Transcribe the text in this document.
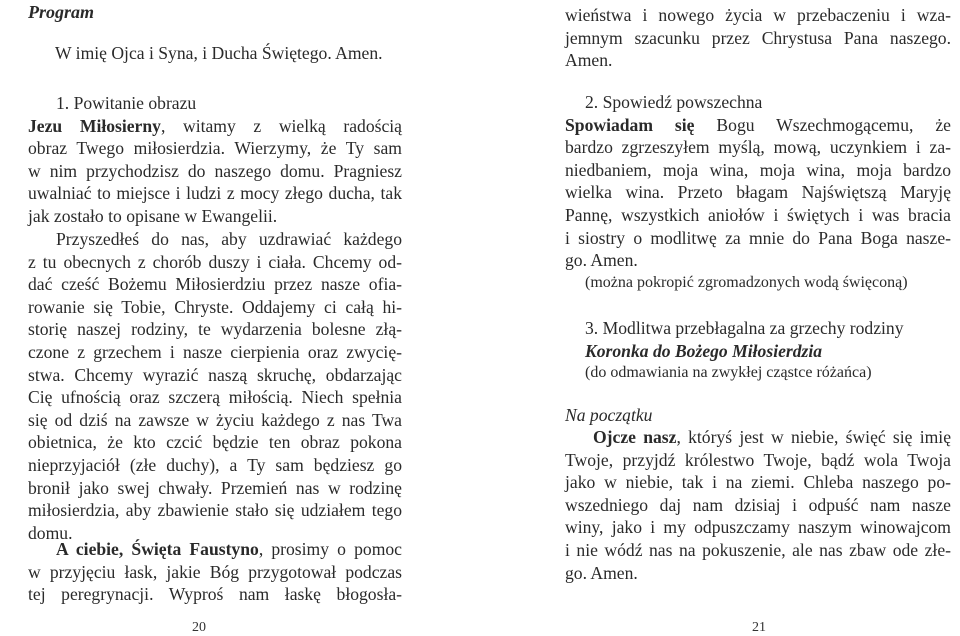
Program
W imię Ojca i Syna, i Ducha Świętego. Amen.
1. Powitanie obrazu
Jezu Miłosierny, witamy z wielką radością
obraz Twego miłosierdzia. Wierzymy, że Ty sam
w nim przychodzisz do naszego domu. Pragniesz
uwalniać to miejsce i ludzi z mocy złego ducha, tak
jak zostało to opisane w Ewangelii.
Przyszedłeś do nas, aby uzdrawiać każdego
z tu obecnych z chorób duszy i ciała. Chcemy od-
dać cześć Bożemu Miłosierdziu przez nasze ofia-
rowanie się Tobie, Chryste. Oddajemy ci całą hi-
storię naszej rodziny, te wydarzenia bolesne złą-
czone z grzechem i nasze cierpienia oraz zwycię-
stwa. Chcemy wyrazić naszą skruchę, obdarzając
Cię ufnością oraz szczerą miłością. Niech spełnia
się od dziś na zawsze w życiu każdego z nas Twa
obietnica, że kto czcić będzie ten obraz pokona
nieprzyjaciół (złe duchy), a Ty sam będziesz go
bronił jako swej chwały. Przemień nas w rodzinę
miłosierdzia, aby zbawienie stało się udziałem tego
domu.
A ciebie, Święta Faustyno, prosimy o pomoc
w przyjęciu łask, jakie Bóg przygotował podczas
tej peregrynacji. Wyproś nam łaskę błogosła-
20
wieństwa i nowego życia w przebaczeniu i wza-
jemnym szacunku przez Chrystusa Pana naszego.
Amen.
2. Spowiedź powszechna
Spowiadam się Bogu Wszechmogącemu, że
bardzo zgrzeszyłem myślą, mową, uczynkiem i za-
niedbaniem, moja wina, moja wina, moja bardzo
wielka wina. Przeto błagam Najświętszą Maryję
Pannę, wszystkich aniołów i świętych i was bracia
i siostry o modlitwę za mnie do Pana Boga nasze-
go. Amen.
(można pokropić zgromadzonych wodą święconą)
3. Modlitwa przebłagalna za grzechy rodziny
Koronka do Bożego Miłosierdzia
(do odmawiania na zwykłej cząstce różańca)
Na początku
Ojcze nasz, któryś jest w niebie, święć się imię
Twoje, przyjdź królestwo Twoje, bądź wola Twoja
jako w niebie, tak i na ziemi. Chleba naszego po-
wszedniego daj nam dzisiaj i odpuść nam nasze
winy, jako i my odpuszczamy naszym winowajcom
i nie wódź nas na pokuszenie, ale nas zbaw ode złe-
go. Amen.
21
